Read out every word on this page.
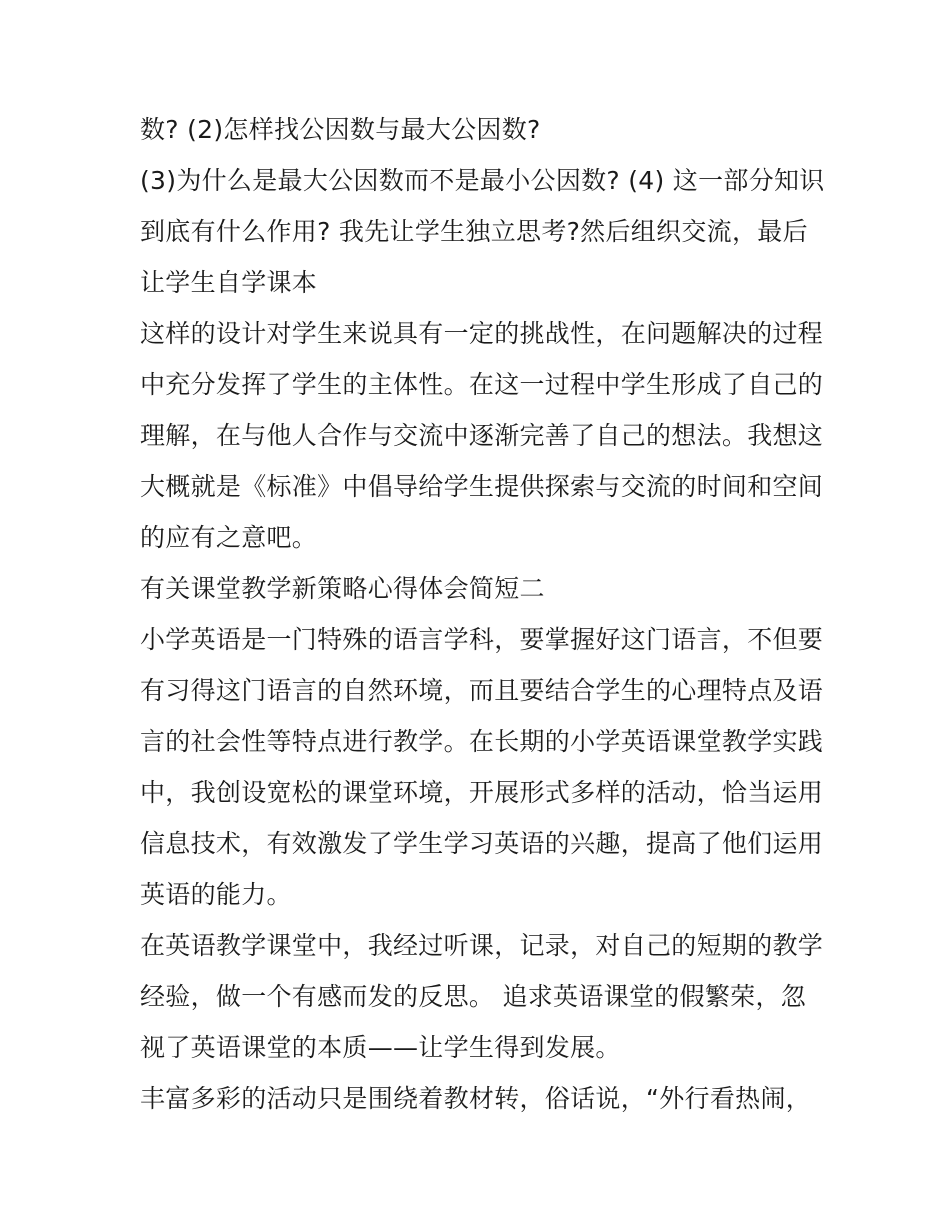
数? (2)怎样找公因数与最大公因数?
(3)为什么是最大公因数而不是最小公因数? (4) 这一部分知识
到底有什么作用? 我先让学生独立思考?然后组织交流，最后
让学生自学课本
这样的设计对学生来说具有一定的挑战性，在问题解决的过程
中充分发挥了学生的主体性。在这一过程中学生形成了自己的
理解，在与他人合作与交流中逐渐完善了自己的想法。我想这
大概就是《标准》中倡导给学生提供探索与交流的时间和空间
的应有之意吧。
有关课堂教学新策略心得体会简短二
小学英语是一门特殊的语言学科，要掌握好这门语言，不但要
有习得这门语言的自然环境，而且要结合学生的心理特点及语
言的社会性等特点进行教学。在长期的小学英语课堂教学实践
中，我创设宽松的课堂环境，开展形式多样的活动，恰当运用
信息技术，有效激发了学生学习英语的兴趣，提高了他们运用
英语的能力。
在英语教学课堂中，我经过听课，记录，对自己的短期的教学
经验，做一个有感而发的反思。 追求英语课堂的假繁荣，忽
视了英语课堂的本质——让学生得到发展。
丰富多彩的活动只是围绕着教材转，俗话说，“外行看热闹，
